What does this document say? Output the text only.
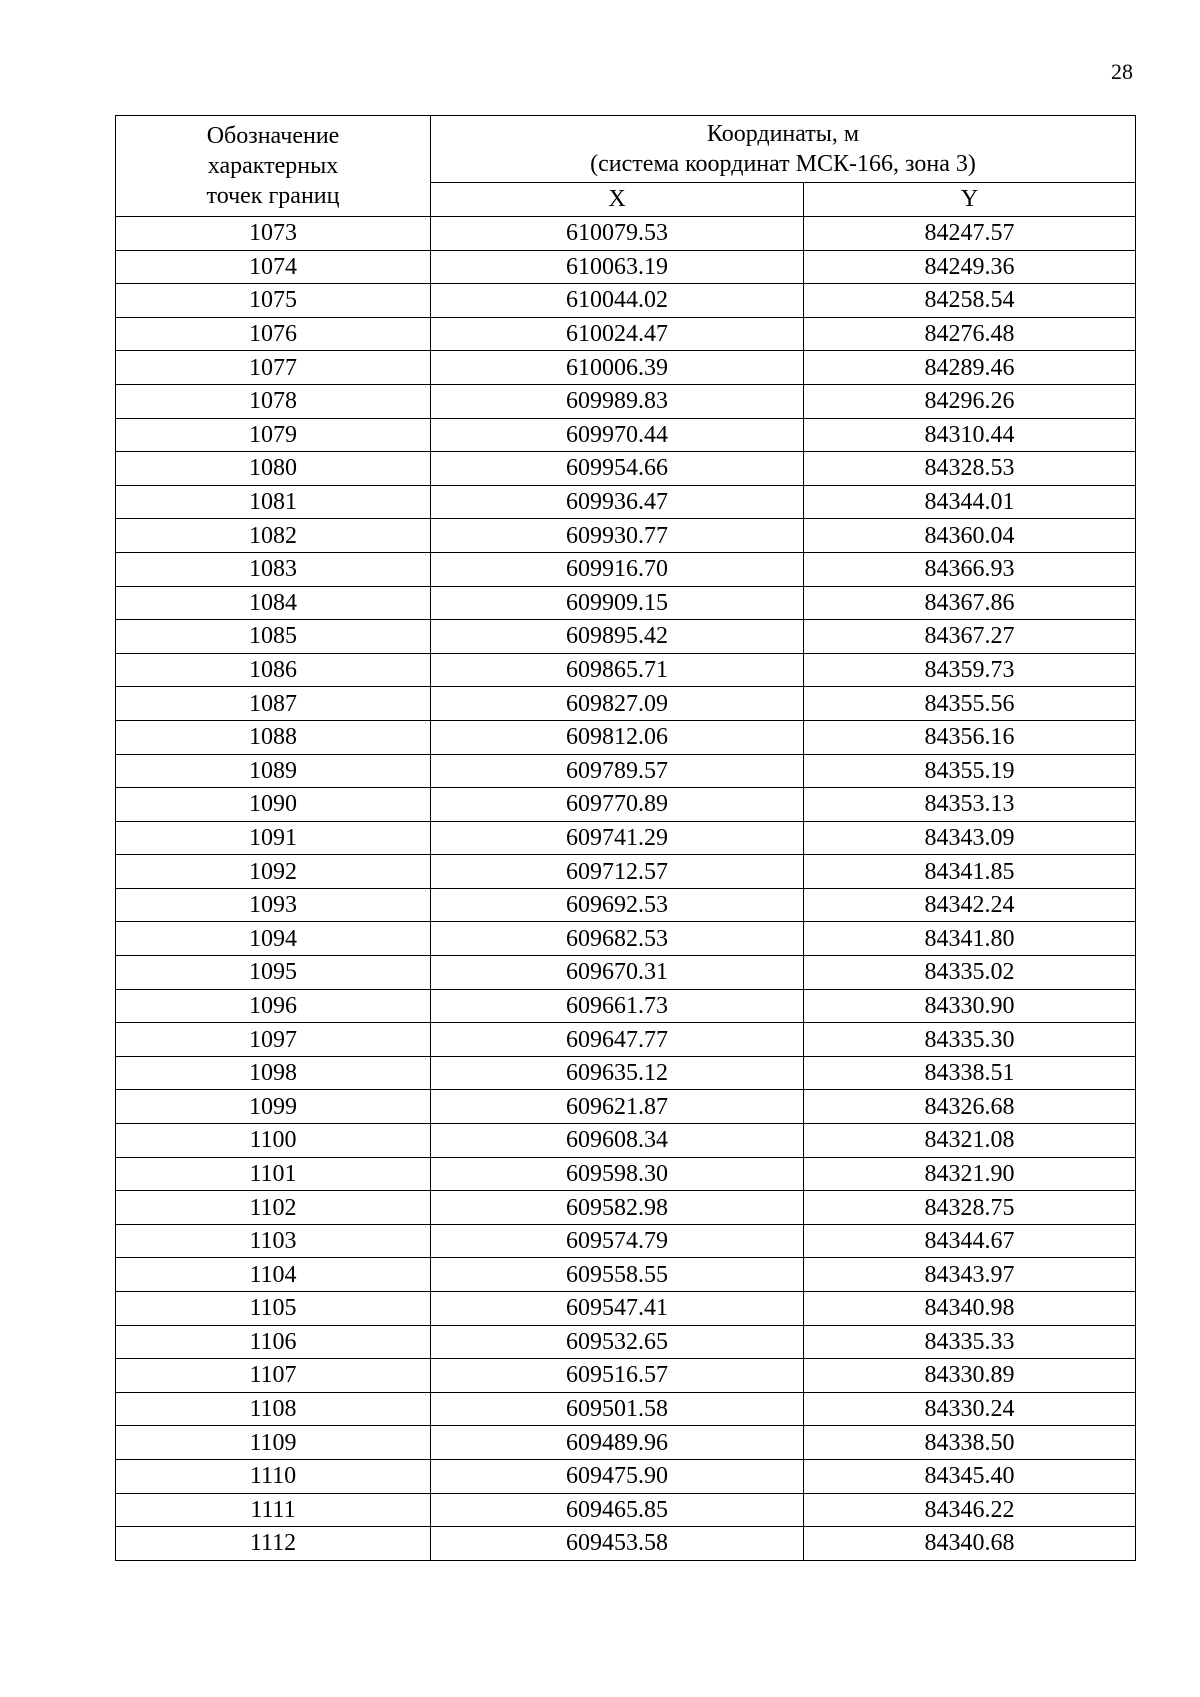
28
Обозначение
характерных
точек границ	Координаты, м
(система координат МСК-166, зона 3)	

	X	Y
1073	610079.53	84247.57
1074	610063.19	84249.36
1075	610044.02	84258.54
1076	610024.47	84276.48
1077	610006.39	84289.46
1078	609989.83	84296.26
1079	609970.44	84310.44
1080	609954.66	84328.53
1081	609936.47	84344.01
1082	609930.77	84360.04
1083	609916.70	84366.93
1084	609909.15	84367.86
1085	609895.42	84367.27
1086	609865.71	84359.73
1087	609827.09	84355.56
1088	609812.06	84356.16
1089	609789.57	84355.19
1090	609770.89	84353.13
1091	609741.29	84343.09
1092	609712.57	84341.85
1093	609692.53	84342.24
1094	609682.53	84341.80
1095	609670.31	84335.02
1096	609661.73	84330.90
1097	609647.77	84335.30
1098	609635.12	84338.51
1099	609621.87	84326.68
1100	609608.34	84321.08
1101	609598.30	84321.90
1102	609582.98	84328.75
1103	609574.79	84344.67
1104	609558.55	84343.97
1105	609547.41	84340.98
1106	609532.65	84335.33
1107	609516.57	84330.89
1108	609501.58	84330.24
1109	609489.96	84338.50
1110	609475.90	84345.40
1111	609465.85	84346.22
1112	609453.58	84340.68
